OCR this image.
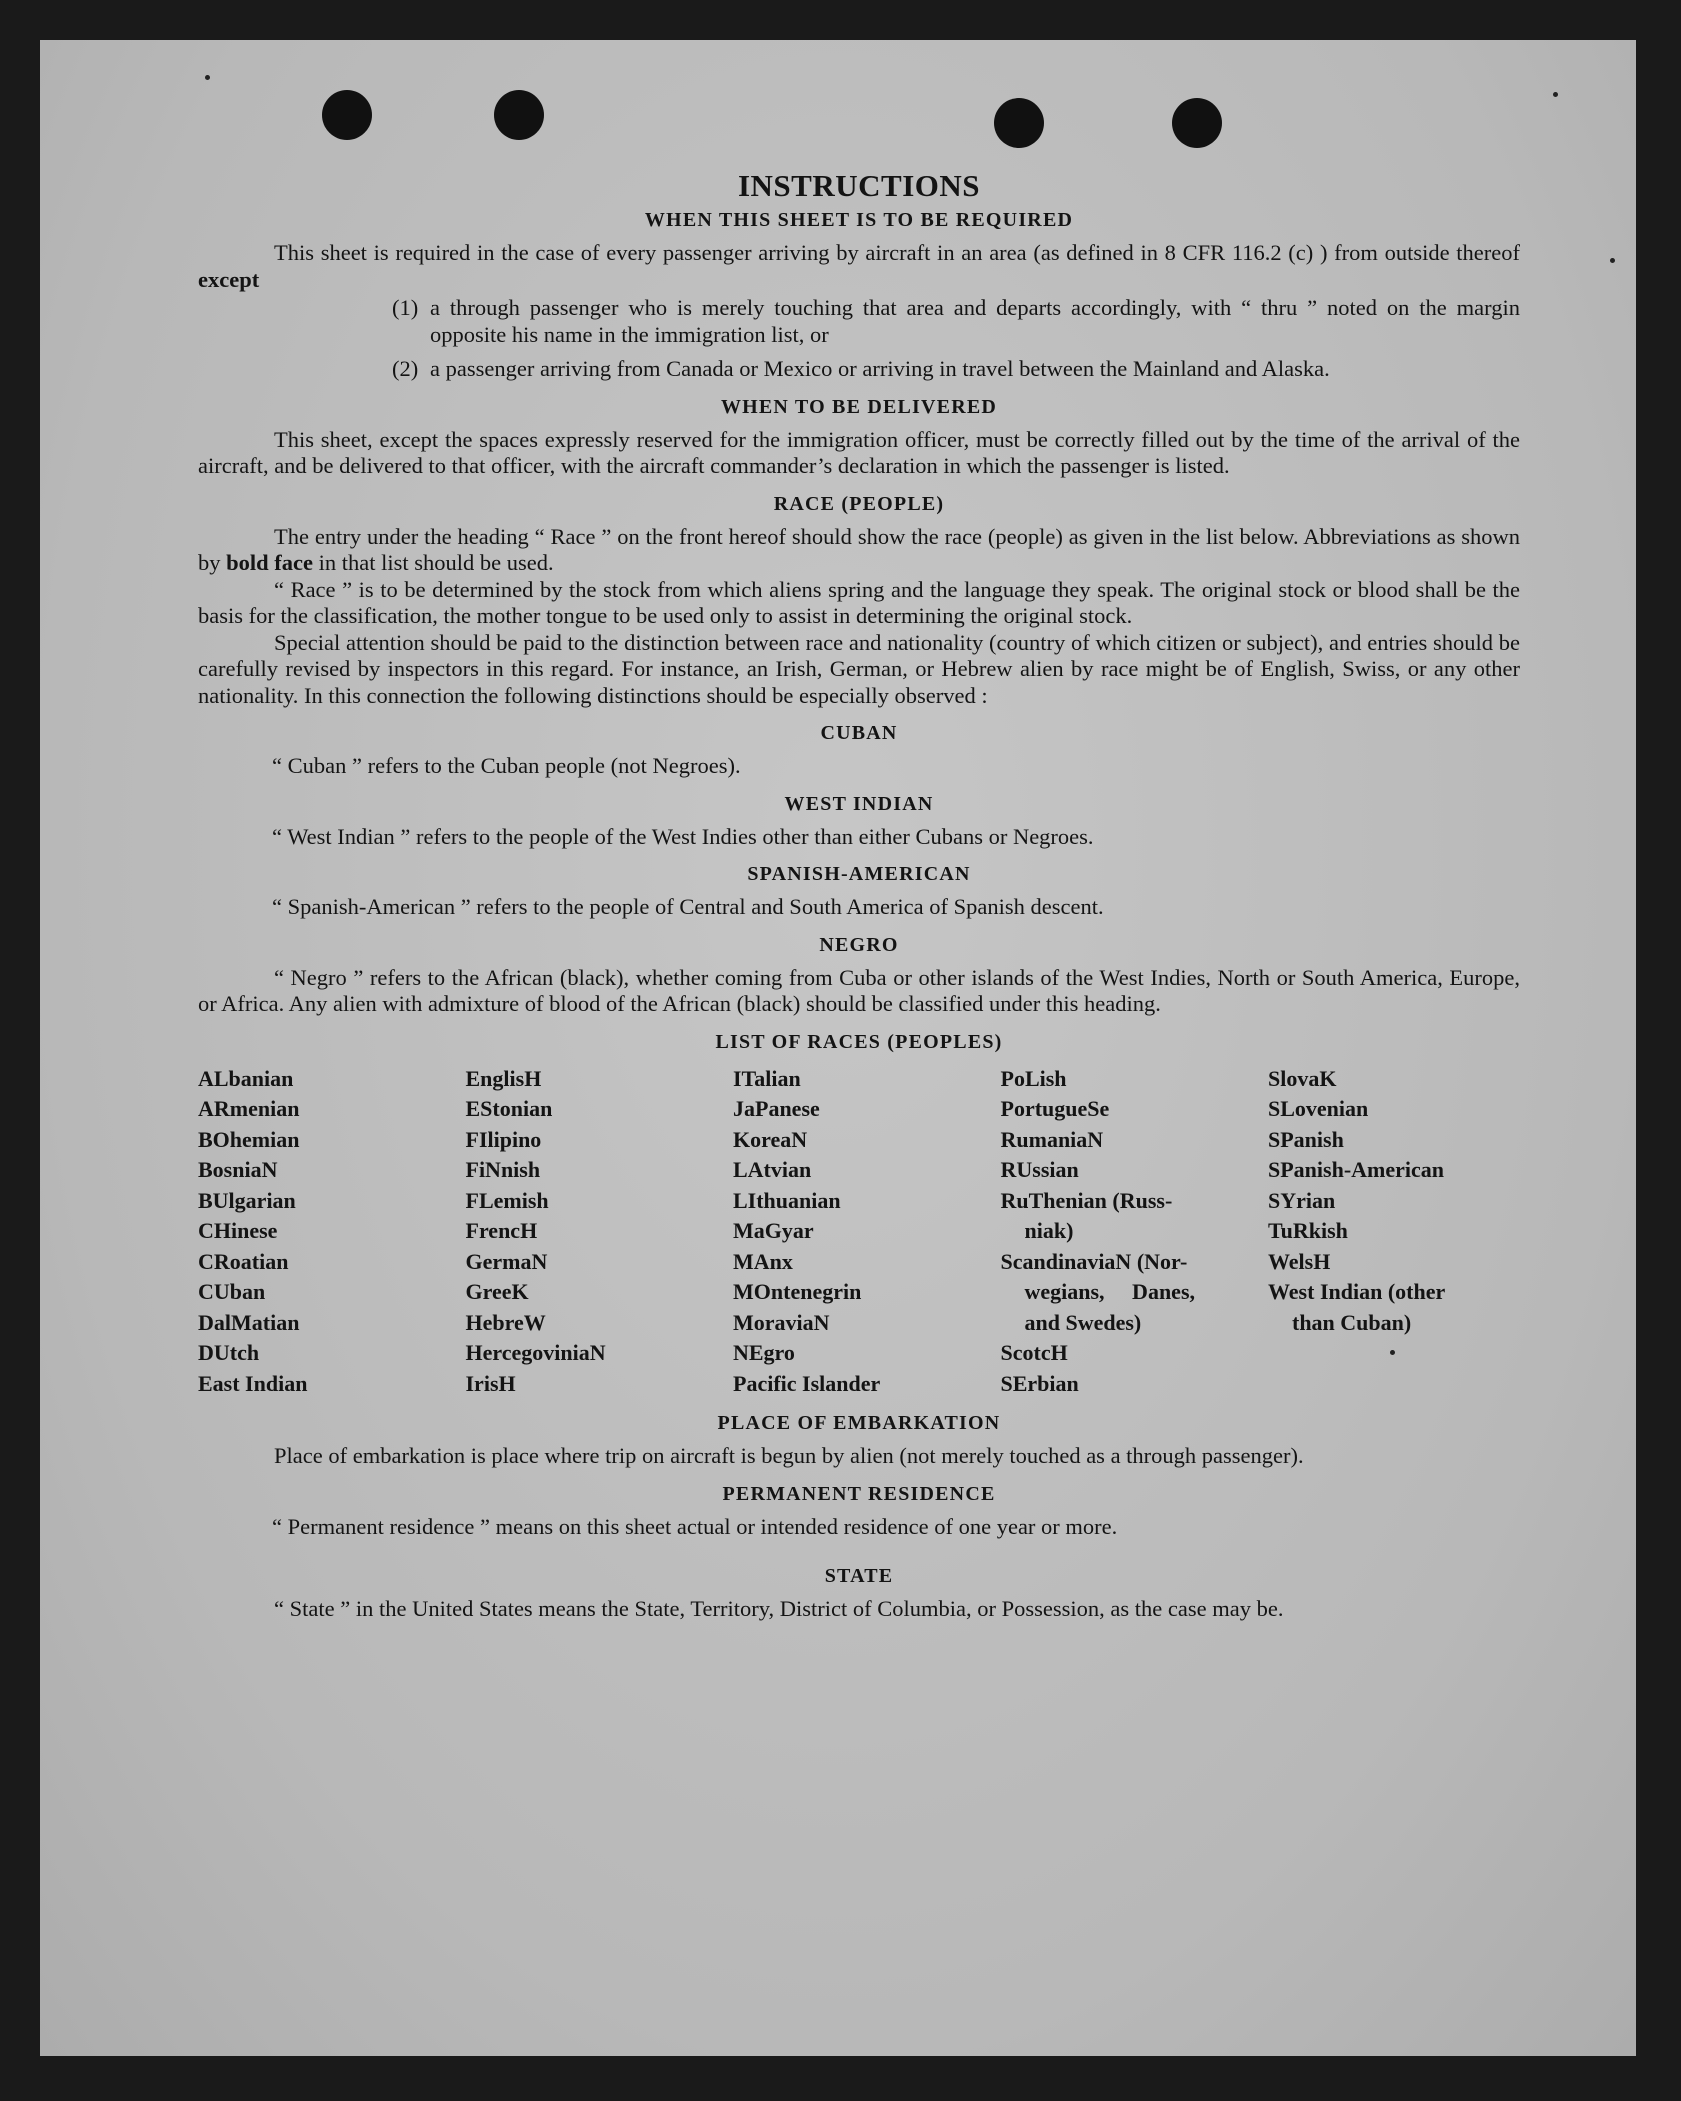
INSTRUCTIONS
WHEN THIS SHEET IS TO BE REQUIRED

This sheet is required in the case of every passenger arriving by aircraft in an area (as defined in 8 CFR 116.2 (c) ) from outside thereof except

(1) a through passenger who is merely touching that area and departs accordingly, with “ thru ” noted on the margin opposite his name in the immigration list, or

(2) a passenger arriving from Canada or Mexico or arriving in travel between the Mainland and Alaska.

WHEN TO BE DELIVERED

This sheet, except the spaces expressly reserved for the immigration officer, must be correctly filled out by the time of the arrival of the aircraft, and be delivered to that officer, with the aircraft commander’s declaration in which the passenger is listed.

RACE (PEOPLE)

The entry under the heading “ Race ” on the front hereof should show the race (people) as given in the list below. Abbreviations as shown by bold face in that list should be used.

“ Race ” is to be determined by the stock from which aliens spring and the language they speak. The original stock or blood shall be the basis for the classification, the mother tongue to be used only to assist in determining the original stock.

Special attention should be paid to the distinction between race and nationality (country of which citizen or subject), and entries should be carefully revised by inspectors in this regard. For instance, an Irish, German, or Hebrew alien by race might be of English, Swiss, or any other nationality. In this connection the following distinctions should be especially observed :

CUBAN

“ Cuban ” refers to the Cuban people (not Negroes).

WEST INDIAN

“ West Indian ” refers to the people of the West Indies other than either Cubans or Negroes.

SPANISH-AMERICAN

“ Spanish-American ” refers to the people of Central and South America of Spanish descent.

NEGRO

“ Negro ” refers to the African (black), whether coming from Cuba or other islands of the West Indies, North or South America, Europe, or Africa. Any alien with admixture of blood of the African (black) should be classified under this heading.

LIST OF RACES (PEOPLES)
ALbanian
ARmenian
BOhemian
BosniaN
BUlgarian
CHinese
CRoatian
CUban
DalMatian
DUtch
East Indian
EnglisH
EStonian
FIlipino
FiNnish
FLemish
FrencH
GermaN
GreeK
HebreW
HercegoviniaN
IrisH
ITalian
JaPanese
KoreaN
LAtvian
LIthuanian
MaGyar
MAnx
MOntenegrin
MoraviaN
NEgro
Pacific Islander
PoLish
PortugueSe
RumaniaN
RUssian
RuThenian (Russ-
niak)
ScandinaviaN (Nor-
wegians,     Danes,
and Swedes)
ScotcH
SErbian
SlovaK
SLovenian
SPanish
SPanish-American
SYrian
TuRkish
WelsH
West Indian (other
than Cuban)
PLACE OF EMBARKATION

Place of embarkation is place where trip on aircraft is begun by alien (not merely touched as a through passenger).

PERMANENT RESIDENCE

“ Permanent residence ” means on this sheet actual or intended residence of one year or more.

STATE

“ State ” in the United States means the State, Territory, District of Columbia, or Possession, as the case may be.
